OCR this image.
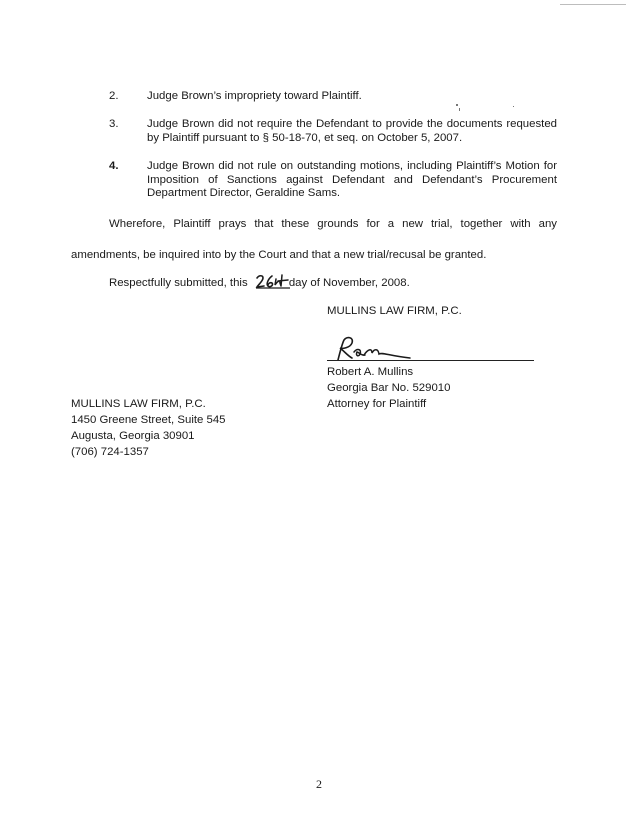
2.	Judge Brown’s impropriety toward Plaintiff.
3.	Judge Brown did not require the Defendant to provide the documents requested by Plaintiff pursuant to § 50-18-70, et seq. on October 5, 2007.
4.	Judge Brown did not rule on outstanding motions, including Plaintiff’s Motion for Imposition of Sanctions against Defendant and Defendant’s Procurement Department Director, Geraldine Sams.
Wherefore, Plaintiff prays that these grounds for a new trial, together with any
amendments, be inquired into by the Court and that a new trial/recusal be granted.
Respectfully submitted, this	day of November, 2008.
MULLINS LAW FIRM, P.C.
RAM
Robert A. Mullins
Georgia Bar No. 529010
Attorney for Plaintiff
MULLINS LAW FIRM, P.C.
1450 Greene Street, Suite 545
Augusta, Georgia 30901
(706) 724-1357
2
